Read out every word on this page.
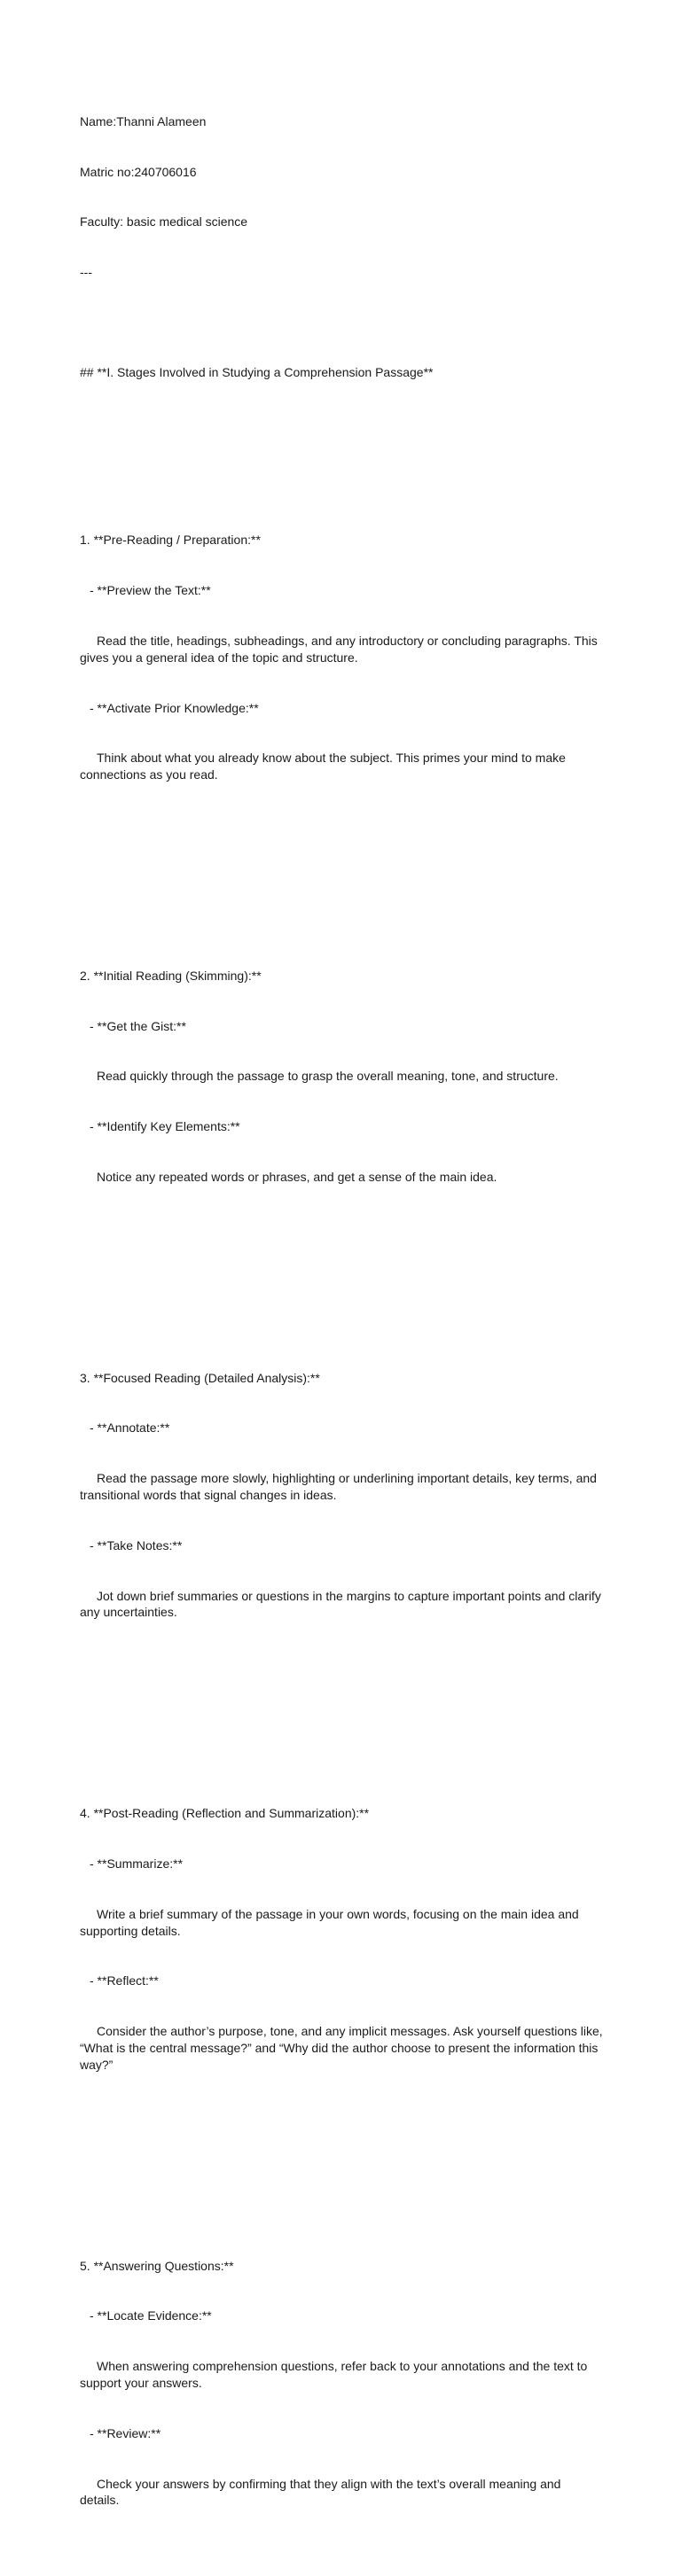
Name:Thanni Alameen

Matric no:240706016

Faculty: basic medical science

---

## **I. Stages Involved in Studying a Comprehension Passage**

1. **Pre-Reading / Preparation:**

- **Preview the Text:**

Read the title, headings, subheadings, and any introductory or concluding paragraphs. This gives you a general idea of the topic and structure.

- **Activate Prior Knowledge:**

Think about what you already know about the subject. This primes your mind to make connections as you read.

2. **Initial Reading (Skimming):**

- **Get the Gist:**

Read quickly through the passage to grasp the overall meaning, tone, and structure.

- **Identify Key Elements:**

Notice any repeated words or phrases, and get a sense of the main idea.

3. **Focused Reading (Detailed Analysis):**

- **Annotate:**

Read the passage more slowly, highlighting or underlining important details, key terms, and transitional words that signal changes in ideas.

- **Take Notes:**

Jot down brief summaries or questions in the margins to capture important points and clarify any uncertainties.

4. **Post-Reading (Reflection and Summarization):**

- **Summarize:**

Write a brief summary of the passage in your own words, focusing on the main idea and supporting details.

- **Reflect:**

Consider the author’s purpose, tone, and any implicit messages. Ask yourself questions like, “What is the central message?” and “Why did the author choose to present the information this way?”

5. **Answering Questions:**

- **Locate Evidence:**

When answering comprehension questions, refer back to your annotations and the text to support your answers.

- **Review:**

Check your answers by confirming that they align with the text’s overall meaning and details.
